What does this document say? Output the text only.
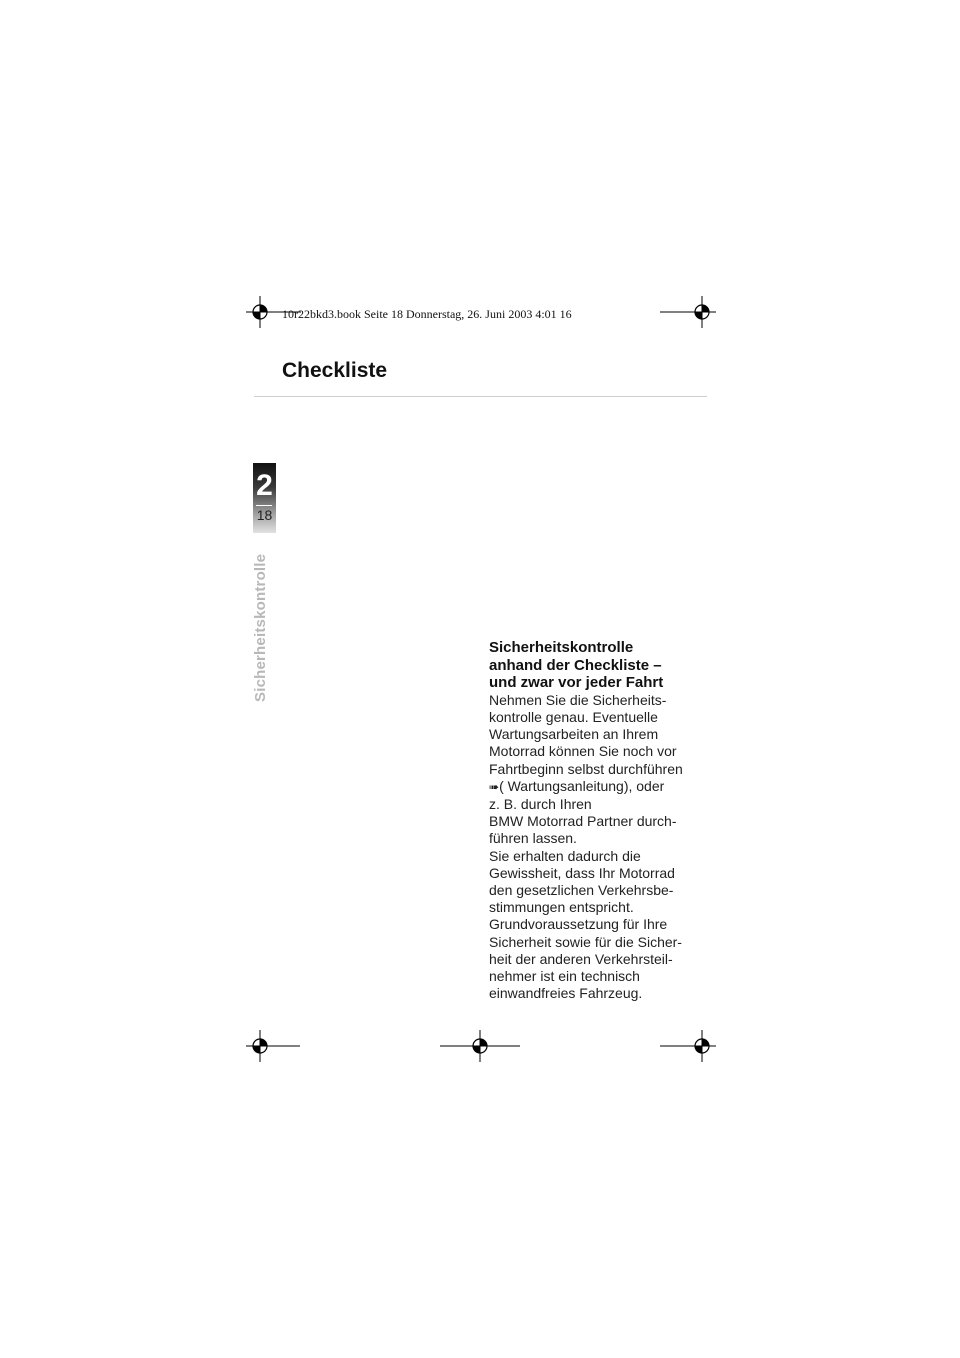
10r22bkd3.book Seite 18 Donnerstag, 26. Juni 2003 4:01 16
Checkliste
2
18
Sicherheitskontrolle	Sicherheitskontrolle
anhand der Checkliste –
und zwar vor jeder Fahrt
Nehmen Sie die Sicherheits-
kontrolle genau. Eventuelle
Wartungsarbeiten an Ihrem
Motorrad können Sie noch vor
Fahrtbeginn selbst durchführen
➠( Wartungsanleitung), oder
z. B. durch Ihren
BMW Motorrad Partner durch-
führen lassen.
Sie erhalten dadurch die
Gewissheit, dass Ihr Motorrad
den gesetzlichen Verkehrsbe-
stimmungen entspricht.
Grundvoraussetzung für Ihre
Sicherheit sowie für die Sicher-
heit der anderen Verkehrsteil-
nehmer ist ein technisch
einwandfreies Fahrzeug.
